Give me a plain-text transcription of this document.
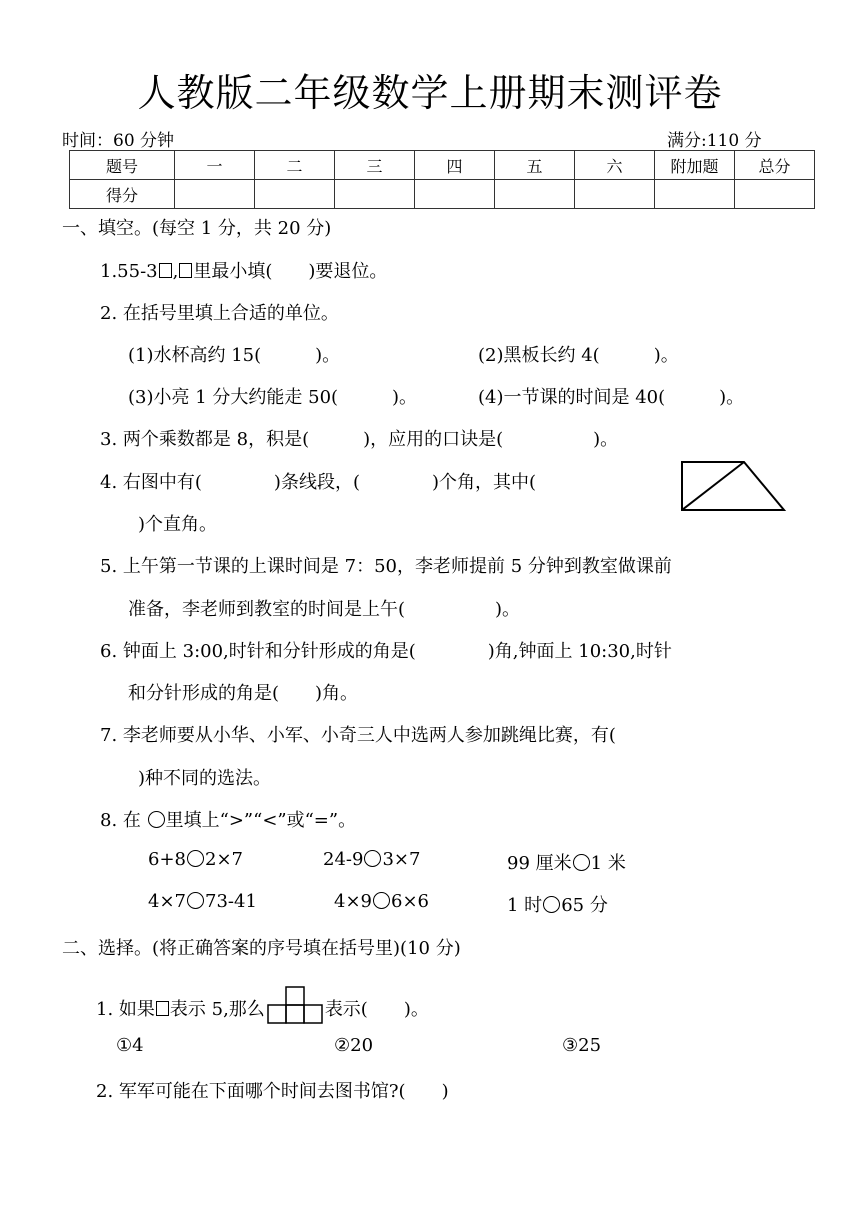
人教版二年级数学上册期末测评卷
时间：60 分钟	满分:110 分
题号	一	二	三	四	五	六	附加题	总分
得分								
一、填空。(每空 1 分，共 20 分)
1.55-3 , 里最小填(　　)要退位。
2. 在括号里填上合适的单位。
(1)水杯高约 15(　　　)。	(2)黑板长约 4(　　　)。
(3)小亮 1 分大约能走 50(　　　)。	(4)一节课的时间是 40(　　　)。
3. 两个乘数都是 8，积是(　　　)，应用的口诀是(　　　　　)。
4. 右图中有(　　　　)条线段，(　　　　)个角，其中(
)个直角。
5. 上午第一节课的上课时间是 7：50，李老师提前 5 分钟到教室做课前
准备，李老师到教室的时间是上午(　　　　　)。
6. 钟面上 3:00,时针和分针形成的角是(　　　　)角,钟面上 10:30,时针
和分针形成的角是(　　)角。
7. 李老师要从小华、小军、小奇三人中选两人参加跳绳比赛，有(
)种不同的选法。
8. 在 里填上“>”“<”或“=”。
6+8 2×7	24-9 3×7	99 厘米 1 米
4×7 73-41	4×9 6×6	1 时 65 分
二、选择。(将正确答案的序号填在括号里)(10 分)
1. 如果 表示 5,那么	表示(　　)。
①4	②20	③25
2. 军军可能在下面哪个时间去图书馆?(　　)
